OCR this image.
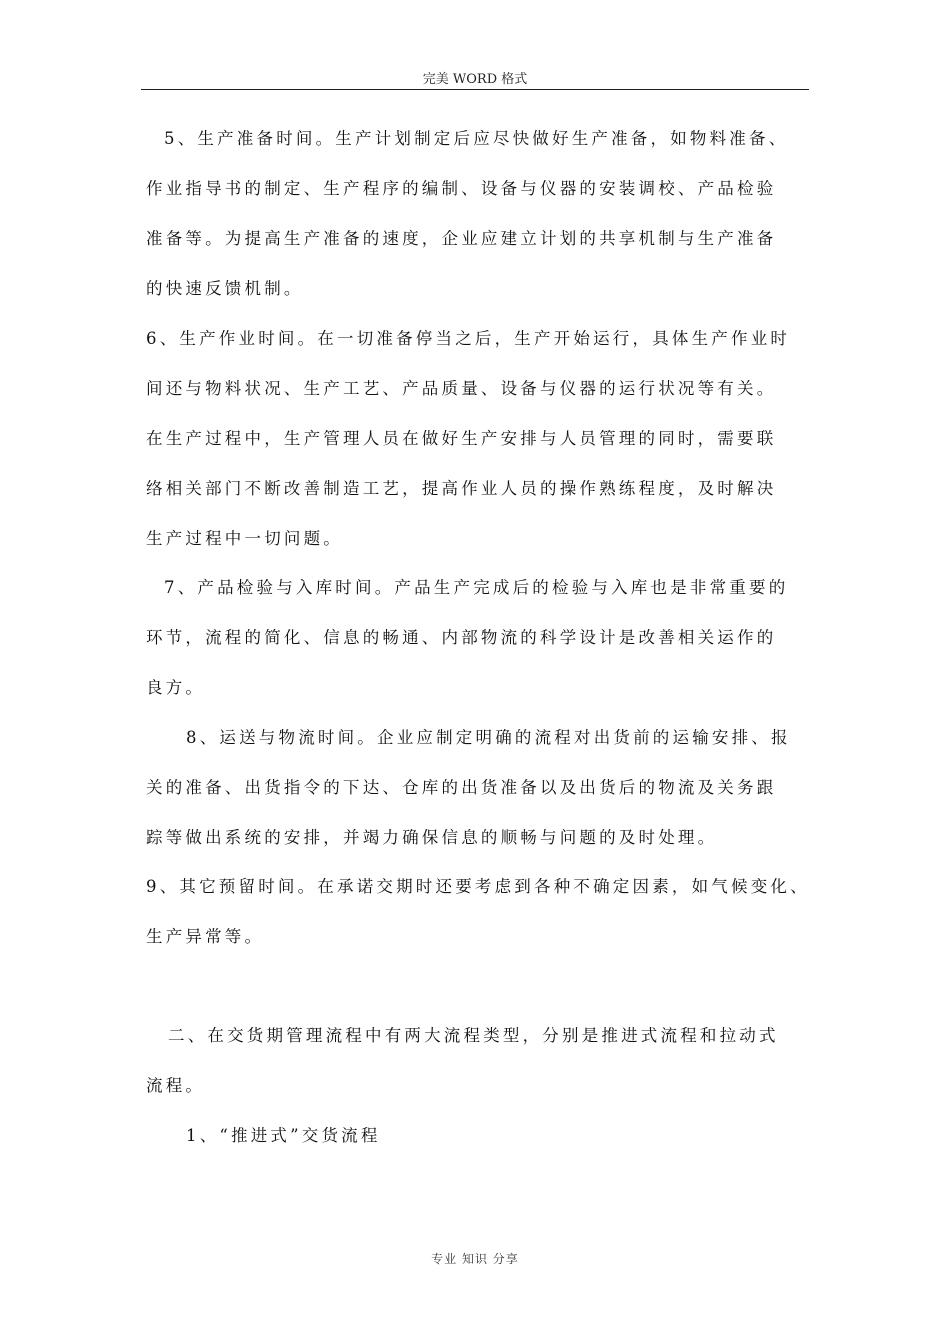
完美 WORD 格式
5、生产准备时间。生产计划制定后应尽快做好生产准备，如物料准备、
作业指导书的制定、生产程序的编制、设备与仪器的安装调校、产品检验
准备等。为提高生产准备的速度，企业应建立计划的共享机制与生产准备
的快速反馈机制。
6、生产作业时间。在一切准备停当之后，生产开始运行，具体生产作业时
间还与物料状况、生产工艺、产品质量、设备与仪器的运行状况等有关。
在生产过程中，生产管理人员在做好生产安排与人员管理的同时，需要联
络相关部门不断改善制造工艺，提高作业人员的操作熟练程度，及时解决
生产过程中一切问题。
7、产品检验与入库时间。产品生产完成后的检验与入库也是非常重要的
环节，流程的简化、信息的畅通、内部物流的科学设计是改善相关运作的
良方。
8、运送与物流时间。企业应制定明确的流程对出货前的运输安排、报
关的准备、出货指令的下达、仓库的出货准备以及出货后的物流及关务跟
踪等做出系统的安排，并竭力确保信息的顺畅与问题的及时处理。
9、其它预留时间。在承诺交期时还要考虑到各种不确定因素，如气候变化、
生产异常等。
二、在交货期管理流程中有两大流程类型，分别是推进式流程和拉动式
流程。
1、“推进式”交货流程
专业 知识 分享
